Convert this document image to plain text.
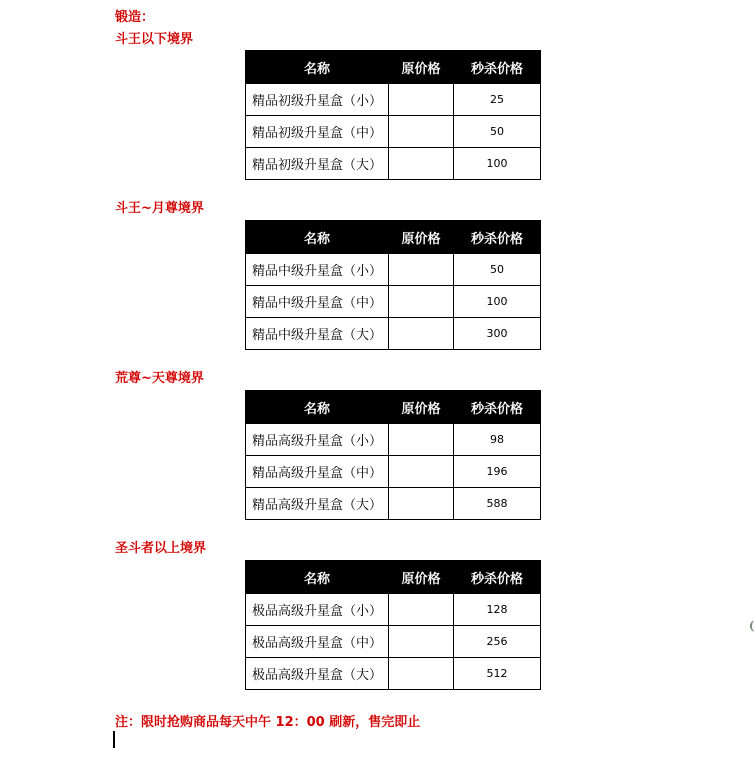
锻造：
斗王以下境界
名称	原价格	秒杀价格
精品初级升星盒（小）		25
精品初级升星盒（中）		50
精品初级升星盒（大）		100
斗王~月尊境界
名称	原价格	秒杀价格
精品中级升星盒（小）		50
精品中级升星盒（中）		100
精品中级升星盒（大）		300
荒尊~天尊境界
名称	原价格	秒杀价格
精品高级升星盒（小）		98
精品高级升星盒（中）		196
精品高级升星盒（大）		588
圣斗者以上境界
名称	原价格	秒杀价格
极品高级升星盒（小）		128
极品高级升星盒（中）		256
极品高级升星盒（大）		512
注：限时抢购商品每天中午 12：00 刷新，售完即止
